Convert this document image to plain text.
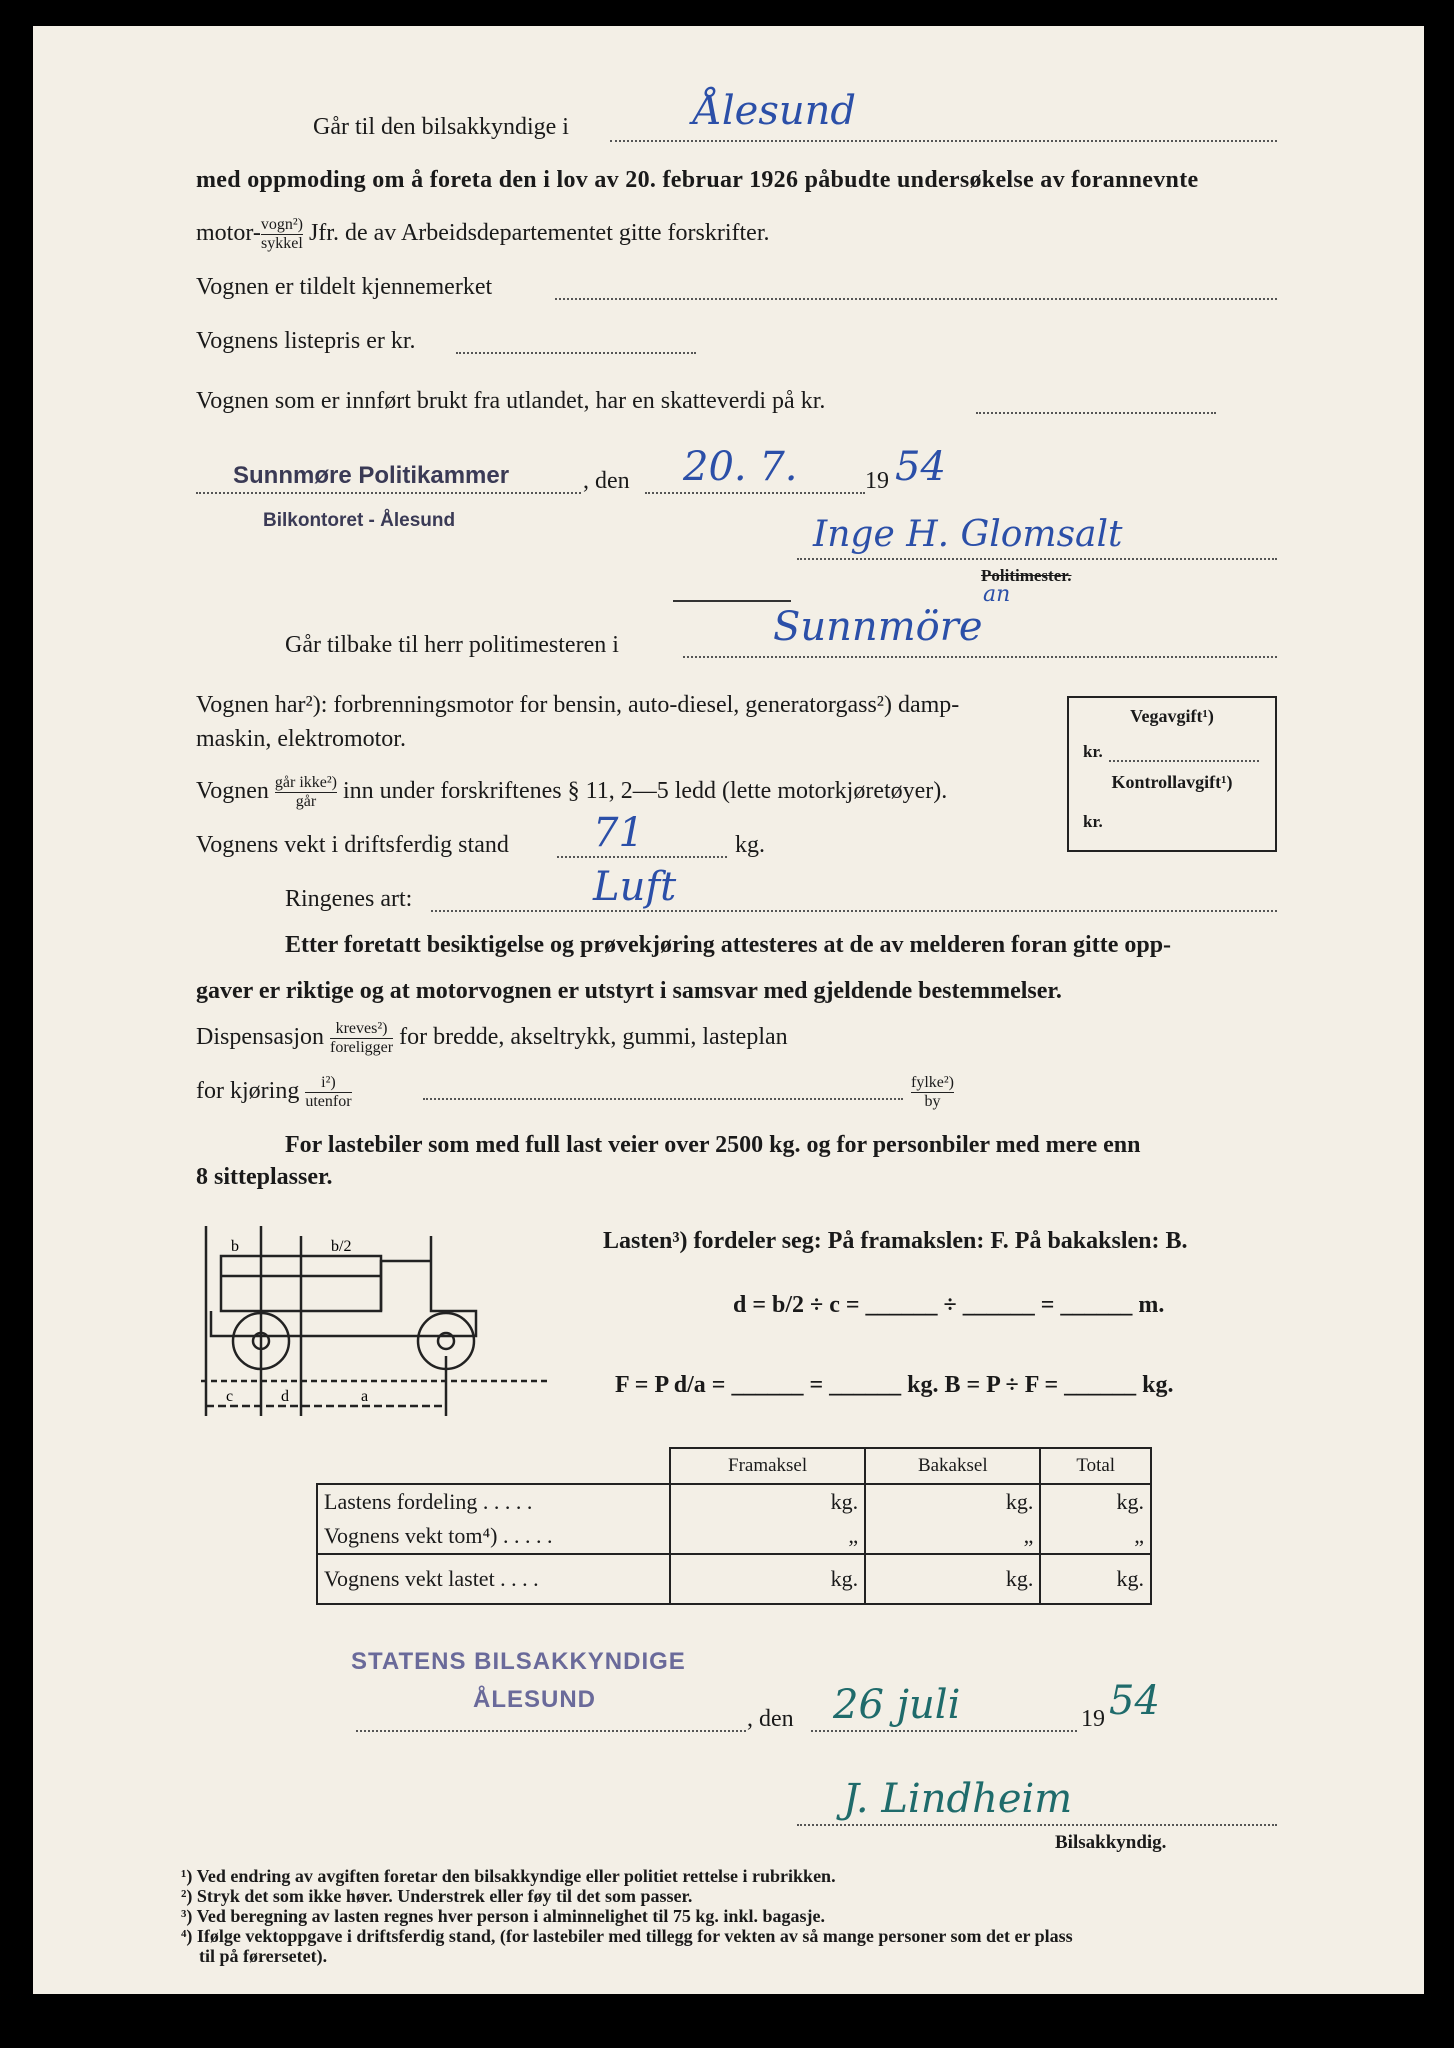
Går til den bilsakkyndige i	Ålesund
med oppmoding om å foreta den i lov av 20. februar 1926 påbudte undersøkelse av forannevnte
motor- $\frac{\text{vogn²)}}{\text{sykkel}}$ Jfr. de av Arbeidsdepartementet gitte forskrifter.
Vognen er tildelt kjennemerket
Vognens listepris er kr.
Vognen som er innført brukt fra utlandet, har en skatteverdi på kr.
Sunnmøre Politikammer	, den 20. 7.	19 54
Bilkontoret - Ålesund	Inge H. Glomsalt
Politimester.
an
Går tilbake til herr politimesteren i	Sunnmöre
Vognen har²): forbrenningsmotor for bensin, auto-diesel, generatorgass²) damp-
maskin, elektromotor.
Vognen $\frac{\text{går ikke²)}}{\text{går}}$ inn under forskriftenes § 11, 2—5 ledd (lette motorkjøretøyer).
Vognens vekt i driftsferdig stand 71	kg.
Ringenes art:	Luft
Etter foretatt besiktigelse og prøvekjøring attesteres at de av melderen foran gitte opp-
gaver er riktige og at motorvognen er utstyrt i samsvar med gjeldende bestemmelser.
Dispensasjon $\frac{\text{kreves²)}}{\text{foreligger}}$ for bredde, akseltrykk, gummi, lasteplan
for kjøring $\frac{\text{i²)}}{\text{utenfor}}$	$\frac{\text{fylke²)}}{by}$
For lastebiler som med full last veier over 2500 kg. og for personbiler med mere enn
8 sitteplasser.
b	b/2
c	d	a
Lasten³) fordeler seg: På framakslen: F. På bakakslen: B.
d = b/2 ÷ c = ______ ÷ ______ = ______ m.
F = P d/a = ______ = ______ kg. B = P ÷ F = ______ kg.
Vegavgift¹)
kr.
Kontrollavgift¹)
kr.
	Framaksel	Bakaksel	Total
Lastens fordeling . . . . .	kg.	kg.	kg.
Vognens vekt tom⁴) . . . . .	„	„	„
Vognens vekt lastet . . . .	kg.	kg.	kg.
STATENS BILSAKKYNDIGE
ÅLESUND
, den 26 juli	19 54
J. Lindheim
Bilsakkyndig.
¹) Ved endring av avgiften foretar den bilsakkyndige eller politiet rettelse i rubrikken.
²) Stryk det som ikke høver. Understrek eller føy til det som passer.
³) Ved beregning av lasten regnes hver person i alminnelighet til 75 kg. inkl. bagasje.
⁴) Ifølge vektoppgave i driftsferdig stand, (for lastebiler med tillegg for vekten av så mange personer som det er plass
til på førersetet).
